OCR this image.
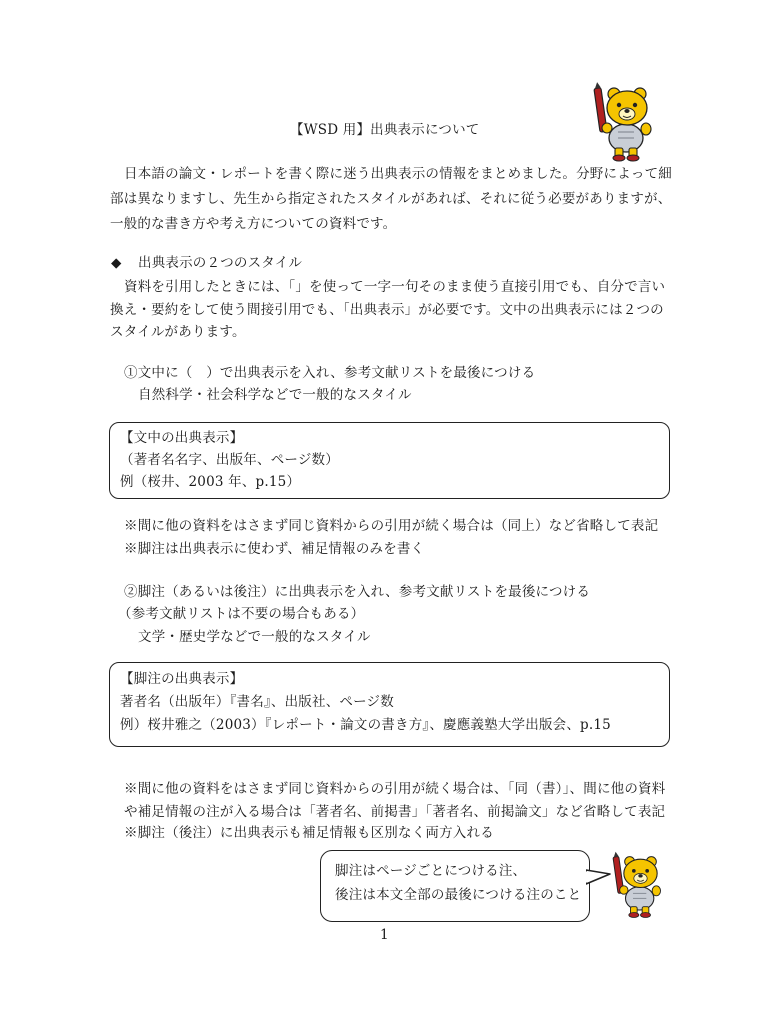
【WSD 用】出典表示について
日本語の論文・レポートを書く際に迷う出典表示の情報をまとめました。分野によって細
部は異なりますし、先生から指定されたスタイルがあれば、それに従う必要がありますが、
一般的な書き方や考え方についての資料です。
◆ 出典表示の２つのスタイル
資料を引用したときには、「」を使って一字一句そのまま使う直接引用でも、自分で言い
換え・要約をして使う間接引用でも、「出典表示」が必要です。文中の出典表示には２つの
スタイルがあります。
①文中に（　）で出典表示を入れ、参考文献リストを最後につける
自然科学・社会科学などで一般的なスタイル
【文中の出典表示】
（著者名名字、出版年、ページ数）
例（桜井、2003 年、p.15）
※間に他の資料をはさまず同じ資料からの引用が続く場合は（同上）など省略して表記
※脚注は出典表示に使わず、補足情報のみを書く
②脚注（あるいは後注）に出典表示を入れ、参考文献リストを最後につける
（参考文献リストは不要の場合もある）
文学・歴史学などで一般的なスタイル
【脚注の出典表示】
著者名（出版年）『書名』、出版社、ページ数
例）桜井雅之（2003）『レポート・論文の書き方』、慶應義塾大学出版会、p.15
※間に他の資料をはさまず同じ資料からの引用が続く場合は、「同（書）」、間に他の資料
や補足情報の注が入る場合は「著者名、前掲書」「著者名、前掲論文」など省略して表記
※脚注（後注）に出典表示も補足情報も区別なく両方入れる
脚注はページごとにつける注、
後注は本文全部の最後につける注のこと
1
